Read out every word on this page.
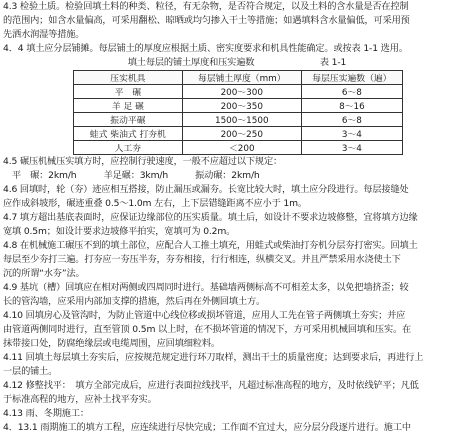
4.3 检验土质。检验回填土料的种类、粒径，有无杂物，是否符合规定，以及土料的含水量是否在控制
的范围内；如含水量偏高，可采用翻松、晾晒或均匀掺入干土等措施；如遇填料含水量偏低，可采用预
先洒水润湿等措施。
4．4 填土应分层铺摊。每层铺土的厚度应根据土质、密实度要求和机具性能确定。或按表 1-1 选用。
填土每层的铺土厚度和压实遍数	表 1-1
压实机具	每层铺土厚度（mm）	每层压实遍数（遍）
平　碾	200～300	6～8
羊 足 碾	200～350	8～16
振动平碾	1500～1500	6～8
蛙式 柴油式 打夯机	200～250	3～4
人工夯	＜200	3～4
4.5 碾压机械压实填方时，应控制行驶速度，一般不应超过以下规定：
　平　碾：2km/h　　　羊足碾：3km/h　　　振动碾：2km/h
4.6 回填时，轮（夯）迹应相互搭接，防止漏压或漏夯。长宽比较大时，填土应分段进行。每层接缝处
应作成斜坡形，碾迹重叠 0.5～1.0m 左右，上下层错缝距离不应小于 1m。
4.7 填方超出基底表面时，应保证边缘部位的压实质量。填土后，如设计不要求边坡修整，宜将填方边缘
宽填 0.5m；如设计要求边坡修平拍实，宽填可为 0.2m。
4.8 在机械施工碾压不到的填土部位，应配合人工推土填充，用蛙式或柴油打夯机分层夯打密实。回填土
每层至少夯打三遍。打夯应一夯压半夯，夯夯相接，行行相连，纵横交叉。并且严禁采用水浇使土下
沉的所谓“水夯”法。
4.9 基坑（槽）回填应在相对两侧或四周同时进行。基础墙两侧标高不可相差太多，以免把墙挤歪；较
长的管沟墙，应采用内部加支撑的措施，然后再在外侧回填土方。
4.10 回填房心及管沟时，为防止管道中心线位移或损坏管道，应用人工先在管子两侧填土夯实；并应
由管道两侧同时进行，直至管顶 0.5m 以上时，在不损坏管道的情况下，方可采用机械回填和压实。在
抹带接口处，防腐绝缘层或电缆周围，应回填细粒料。
4.11 回填土每层填土夯实后，应按规范规定进行环刀取样，测出干土的质量密度；达到要求后，再进行上
一层的铺土。
4.12 修整找平：　填方全部完成后，应进行表面拉线找平，凡超过标准高程的地方，及时依线铲平；凡低
于标准高程的地方，应补土找平夯实。
4.13 雨、冬期施工：
4．13.1 雨期施工的填方工程，应连续进行尽快完成；工作面不宜过大，应分层分段逐片进行。施工中
